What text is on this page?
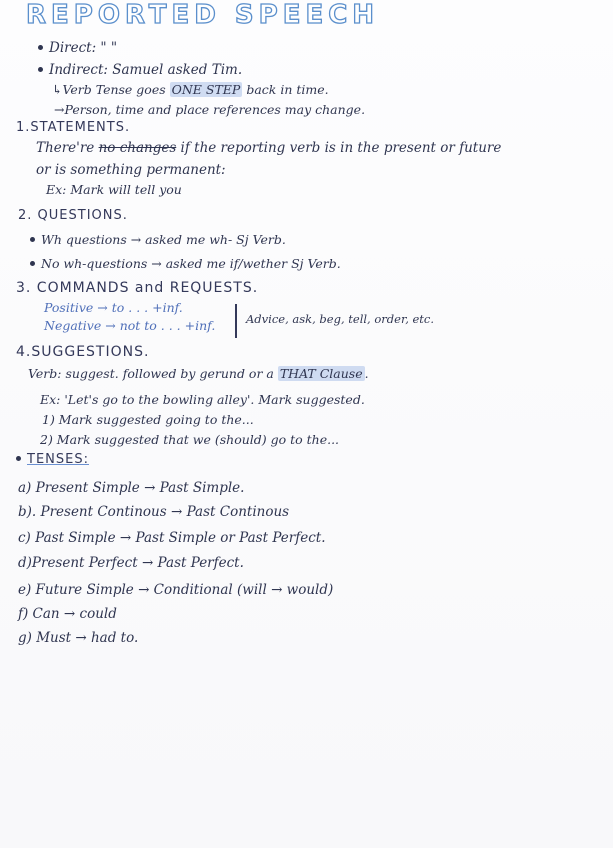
REPORTED SPEECH
Direct: " "
Indirect: Samuel asked Tim.
↳Verb Tense goes ONE STEP back in time.
→Person, time and place references may change.
1.STATEMENTS.
There're no changes if the reporting verb is in the present or future
or is something permanent:
Ex: Mark will tell you
2. QUESTIONS.
Wh questions → asked me wh- Sj Verb.
No wh-questions → asked me if/wether Sj Verb.
3. COMMANDS and REQUESTS.
Positive → to . . . +inf.
Negative → not to . . . +inf.	Advice, ask, beg, tell, order, etc.
4.SUGGESTIONS.
Verb: suggest. followed by gerund or a THAT Clause .
Ex: 'Let's go to the bowling alley'. Mark suggested.
1) Mark suggested going to the...
2) Mark suggested that we (should) go to the...
TENSES:
a) Present Simple → Past Simple.
b). Present Continous → Past Continous
c) Past Simple → Past Simple or Past Perfect.
d)Present Perfect → Past Perfect.
e) Future Simple → Conditional (will → would)
f) Can → could
g) Must → had to.
